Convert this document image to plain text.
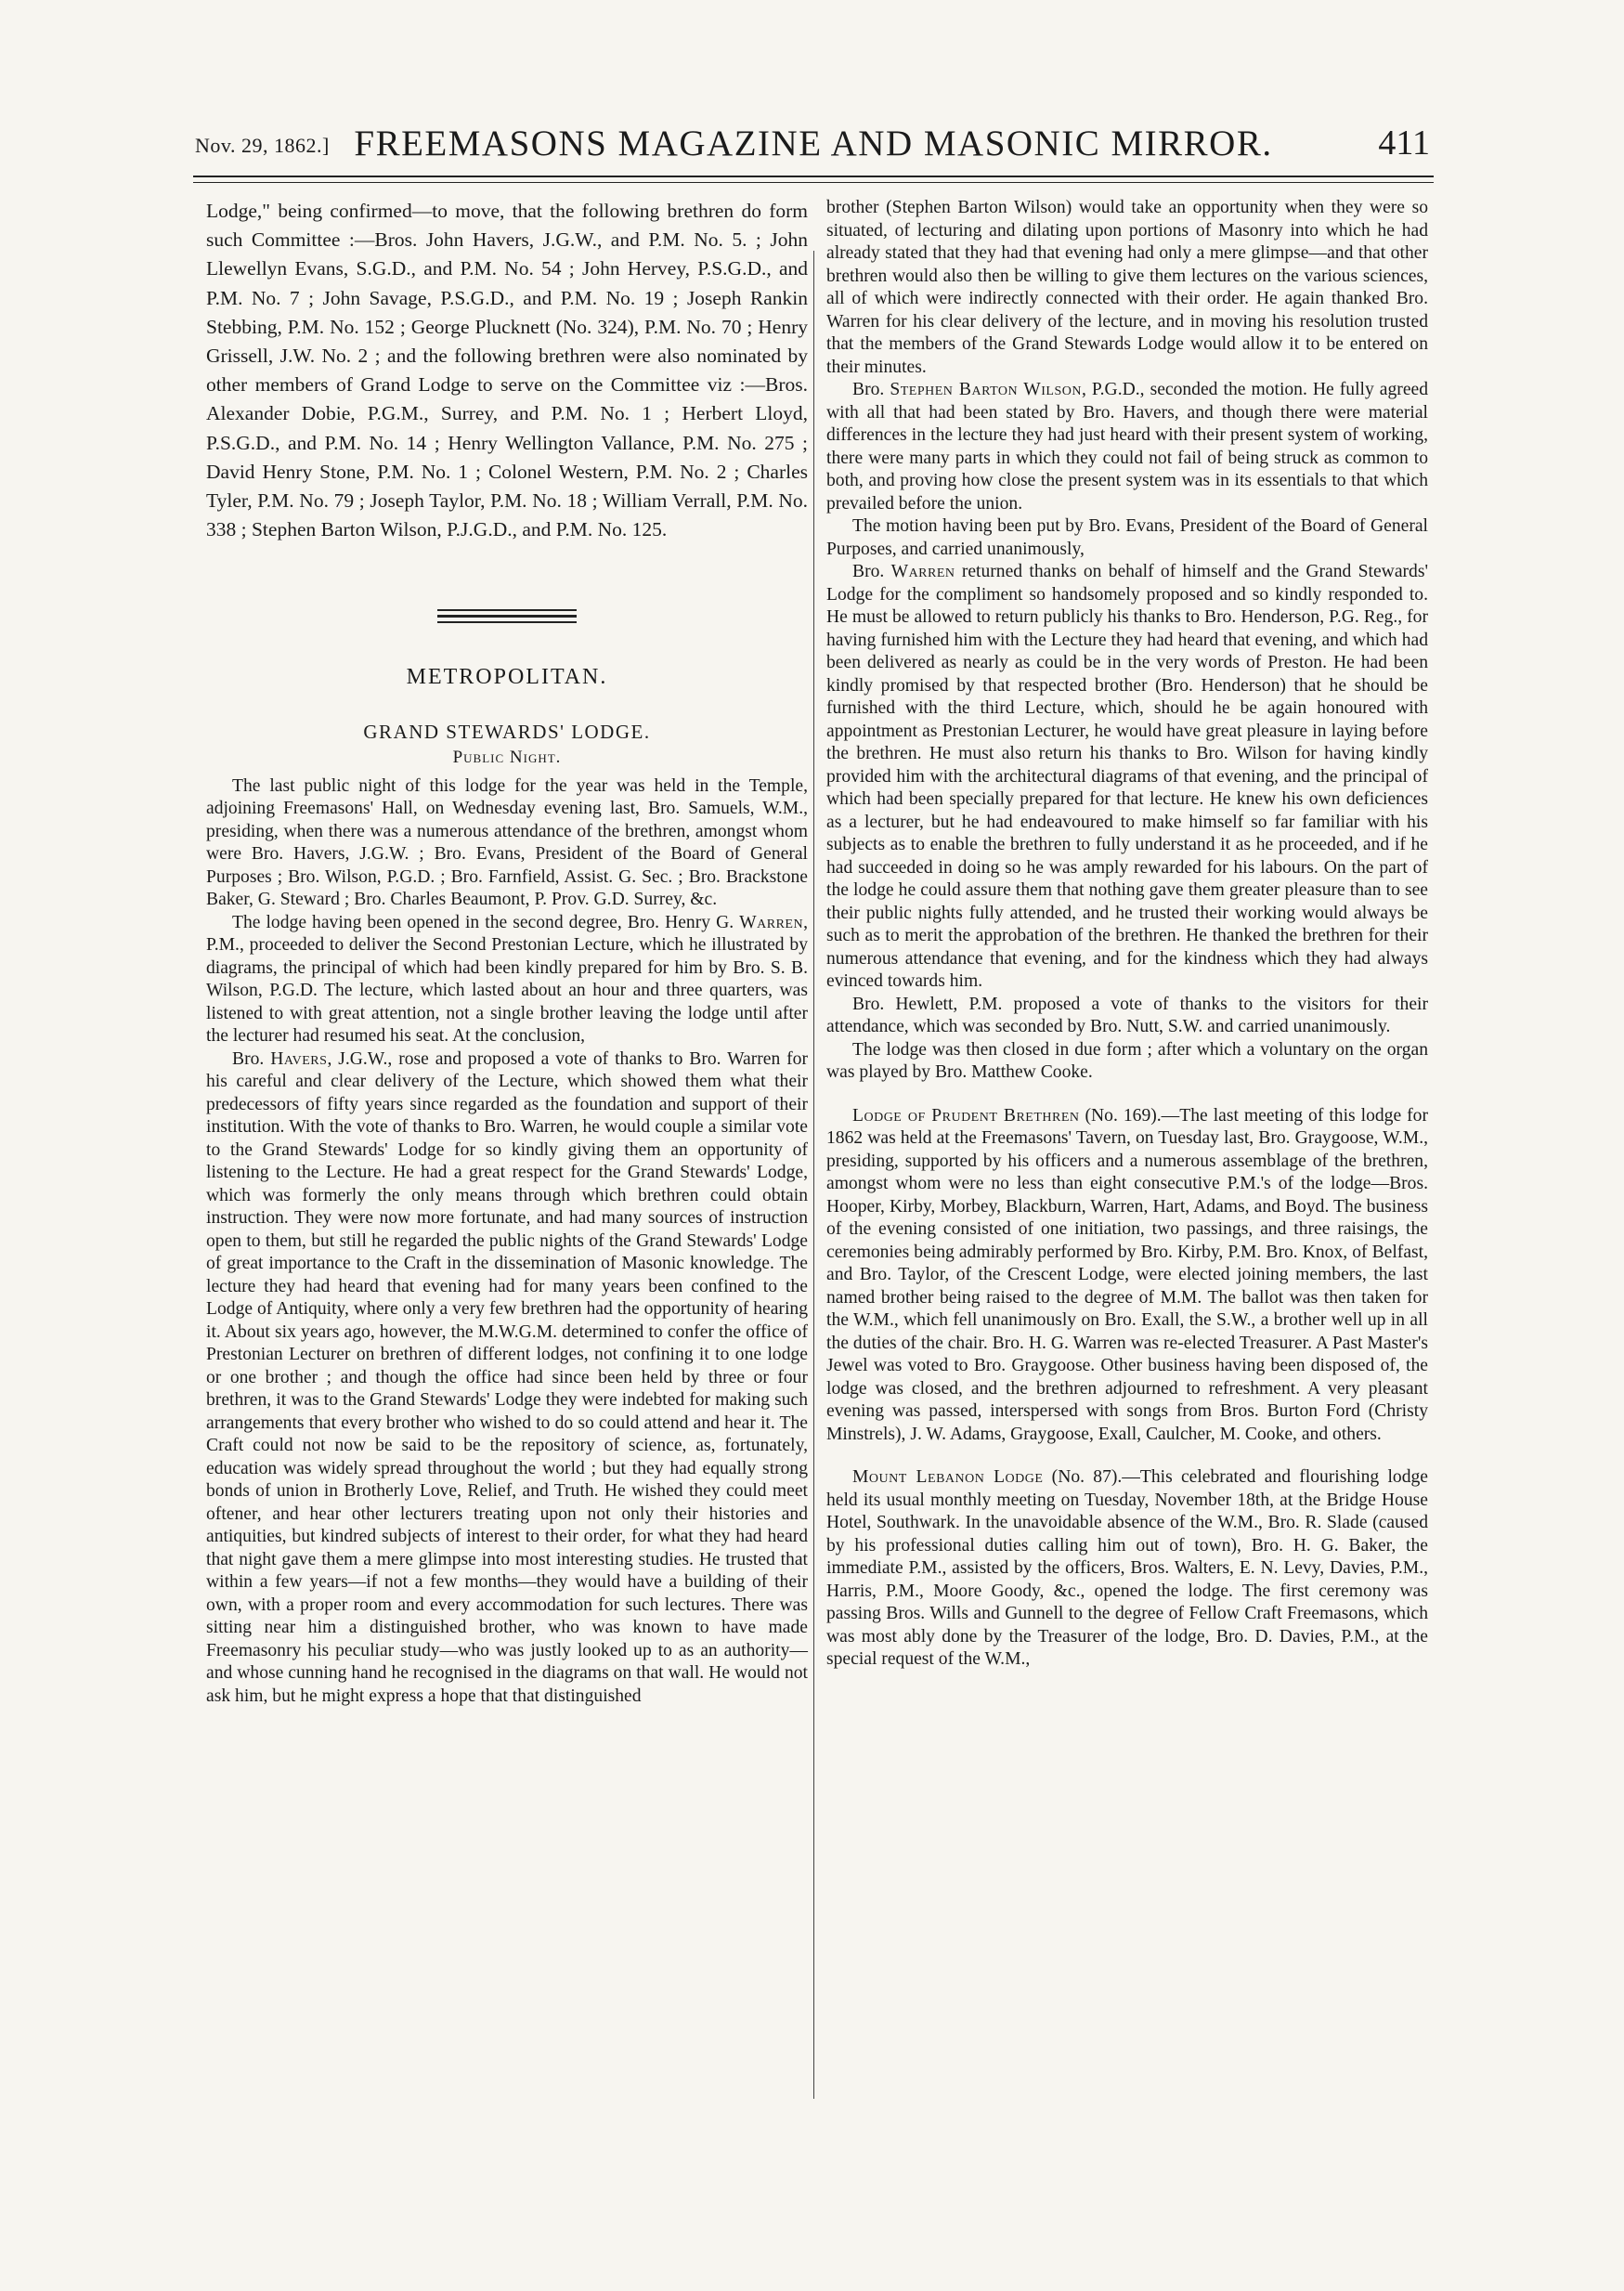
Nov. 29, 1862.] FREEMASONS MAGAZINE AND MASONIC MIRROR.	411

Lodge," being confirmed—to move, that the following brethren do form such Committee :—Bros. John Havers, J.G.W., and P.M. No. 5. ; John Llewellyn Evans, S.G.D., and P.M. No. 54 ; John Hervey, P.S.G.D., and P.M. No. 7 ; John Savage, P.S.G.D., and P.M. No. 19 ; Joseph Rankin Stebbing, P.M. No. 152 ; George Plucknett (No. 324), P.M. No. 70 ; Henry Grissell, J.W. No. 2 ; and the following brethren were also nominated by other members of Grand Lodge to serve on the Committee viz :—Bros. Alexander Dobie, P.G.M., Surrey, and P.M. No. 1 ; Herbert Lloyd, P.S.G.D., and P.M. No. 14 ; Henry Wellington Vallance, P.M. No. 275 ; David Henry Stone, P.M. No. 1 ; Colonel Western, P.M. No. 2 ; Charles Tyler, P.M. No. 79 ; Joseph Taylor, P.M. No. 18 ; William Verrall, P.M. No. 338 ; Stephen Barton Wilson, P.J.G.D., and P.M. No. 125.

METROPOLITAN.
GRAND STEWARDS' LODGE.
Public Night.

The last public night of this lodge for the year was held in the Temple, adjoining Freemasons' Hall, on Wednesday evening last, Bro. Samuels, W.M., presiding, when there was a numerous attendance of the brethren, amongst whom were Bro. Havers, J.G.W. ; Bro. Evans, President of the Board of General Purposes ; Bro. Wilson, P.G.D. ; Bro. Farnfield, Assist. G. Sec. ; Bro. Brackstone Baker, G. Steward ; Bro. Charles Beaumont, P. Prov. G.D. Surrey, &c.

The lodge having been opened in the second degree, Bro. Henry G. Warren, P.M., proceeded to deliver the Second Prestonian Lecture, which he illustrated by diagrams, the principal of which had been kindly prepared for him by Bro. S. B. Wilson, P.G.D. The lecture, which lasted about an hour and three quarters, was listened to with great attention, not a single brother leaving the lodge until after the lecturer had resumed his seat. At the conclusion,

Bro. Havers, J.G.W., rose and proposed a vote of thanks to Bro. Warren for his careful and clear delivery of the Lecture, which showed them what their predecessors of fifty years since regarded as the foundation and support of their institution. With the vote of thanks to Bro. Warren, he would couple a similar vote to the Grand Stewards' Lodge for so kindly giving them an opportunity of listening to the Lecture. He had a great respect for the Grand Stewards' Lodge, which was formerly the only means through which brethren could obtain instruction. They were now more fortunate, and had many sources of instruction open to them, but still he regarded the public nights of the Grand Stewards' Lodge of great importance to the Craft in the dissemination of Masonic knowledge. The lecture they had heard that evening had for many years been confined to the Lodge of Antiquity, where only a very few brethren had the opportunity of hearing it. About six years ago, however, the M.W.G.M. determined to confer the office of Prestonian Lecturer on brethren of different lodges, not confining it to one lodge or one brother ; and though the office had since been held by three or four brethren, it was to the Grand Stewards' Lodge they were indebted for making such arrangements that every brother who wished to do so could attend and hear it. The Craft could not now be said to be the repository of science, as, fortunately, education was widely spread throughout the world ; but they had equally strong bonds of union in Brotherly Love, Relief, and Truth. He wished they could meet oftener, and hear other lecturers treating upon not only their histories and antiquities, but kindred subjects of interest to their order, for what they had heard that night gave them a mere glimpse into most interesting studies. He trusted that within a few years—if not a few months—they would have a building of their own, with a proper room and every accommodation for such lectures. There was sitting near him a distinguished brother, who was known to have made Freemasonry his peculiar study—who was justly looked up to as an authority—and whose cunning hand he recognised in the diagrams on that wall. He would not ask him, but he might express a hope that that distinguished

brother (Stephen Barton Wilson) would take an opportunity when they were so situated, of lecturing and dilating upon portions of Masonry into which he had already stated that they had that evening had only a mere glimpse—and that other brethren would also then be willing to give them lectures on the various sciences, all of which were indirectly connected with their order. He again thanked Bro. Warren for his clear delivery of the lecture, and in moving his resolution trusted that the members of the Grand Stewards Lodge would allow it to be entered on their minutes.

Bro. Stephen Barton Wilson, P.G.D., seconded the motion. He fully agreed with all that had been stated by Bro. Havers, and though there were material differences in the lecture they had just heard with their present system of working, there were many parts in which they could not fail of being struck as common to both, and proving how close the present system was in its essentials to that which prevailed before the union.

The motion having been put by Bro. Evans, President of the Board of General Purposes, and carried unanimously,

Bro. Warren returned thanks on behalf of himself and the Grand Stewards' Lodge for the compliment so handsomely proposed and so kindly responded to. He must be allowed to return publicly his thanks to Bro. Henderson, P.G. Reg., for having furnished him with the Lecture they had heard that evening, and which had been delivered as nearly as could be in the very words of Preston. He had been kindly promised by that respected brother (Bro. Henderson) that he should be furnished with the third Lecture, which, should he be again honoured with appointment as Prestonian Lecturer, he would have great pleasure in laying before the brethren. He must also return his thanks to Bro. Wilson for having kindly provided him with the architectural diagrams of that evening, and the principal of which had been specially prepared for that lecture. He knew his own deficiences as a lecturer, but he had endeavoured to make himself so far familiar with his subjects as to enable the brethren to fully understand it as he proceeded, and if he had succeeded in doing so he was amply rewarded for his labours. On the part of the lodge he could assure them that nothing gave them greater pleasure than to see their public nights fully attended, and he trusted their working would always be such as to merit the approbation of the brethren. He thanked the brethren for their numerous attendance that evening, and for the kindness which they had always evinced towards him.

Bro. Hewlett, P.M. proposed a vote of thanks to the visitors for their attendance, which was seconded by Bro. Nutt, S.W. and carried unanimously.

The lodge was then closed in due form ; after which a voluntary on the organ was played by Bro. Matthew Cooke.

Lodge of Prudent Brethren (No. 169).—The last meeting of this lodge for 1862 was held at the Freemasons' Tavern, on Tuesday last, Bro. Graygoose, W.M., presiding, supported by his officers and a numerous assemblage of the brethren, amongst whom were no less than eight consecutive P.M.'s of the lodge—Bros. Hooper, Kirby, Morbey, Blackburn, Warren, Hart, Adams, and Boyd. The business of the evening consisted of one initiation, two passings, and three raisings, the ceremonies being admirably performed by Bro. Kirby, P.M. Bro. Knox, of Belfast, and Bro. Taylor, of the Crescent Lodge, were elected joining members, the last named brother being raised to the degree of M.M. The ballot was then taken for the W.M., which fell unanimously on Bro. Exall, the S.W., a brother well up in all the duties of the chair. Bro. H. G. Warren was re-elected Treasurer. A Past Master's Jewel was voted to Bro. Graygoose. Other business having been disposed of, the lodge was closed, and the brethren adjourned to refreshment. A very pleasant evening was passed, interspersed with songs from Bros. Burton Ford (Christy Minstrels), J. W. Adams, Graygoose, Exall, Caulcher, M. Cooke, and others.

Mount Lebanon Lodge (No. 87).—This celebrated and flourishing lodge held its usual monthly meeting on Tuesday, November 18th, at the Bridge House Hotel, Southwark. In the unavoidable absence of the W.M., Bro. R. Slade (caused by his professional duties calling him out of town), Bro. H. G. Baker, the immediate P.M., assisted by the officers, Bros. Walters, E. N. Levy, Davies, P.M., Harris, P.M., Moore Goody, &c., opened the lodge. The first ceremony was passing Bros. Wills and Gunnell to the degree of Fellow Craft Freemasons, which was most ably done by the Treasurer of the lodge, Bro. D. Davies, P.M., at the special request of the W.M.,
